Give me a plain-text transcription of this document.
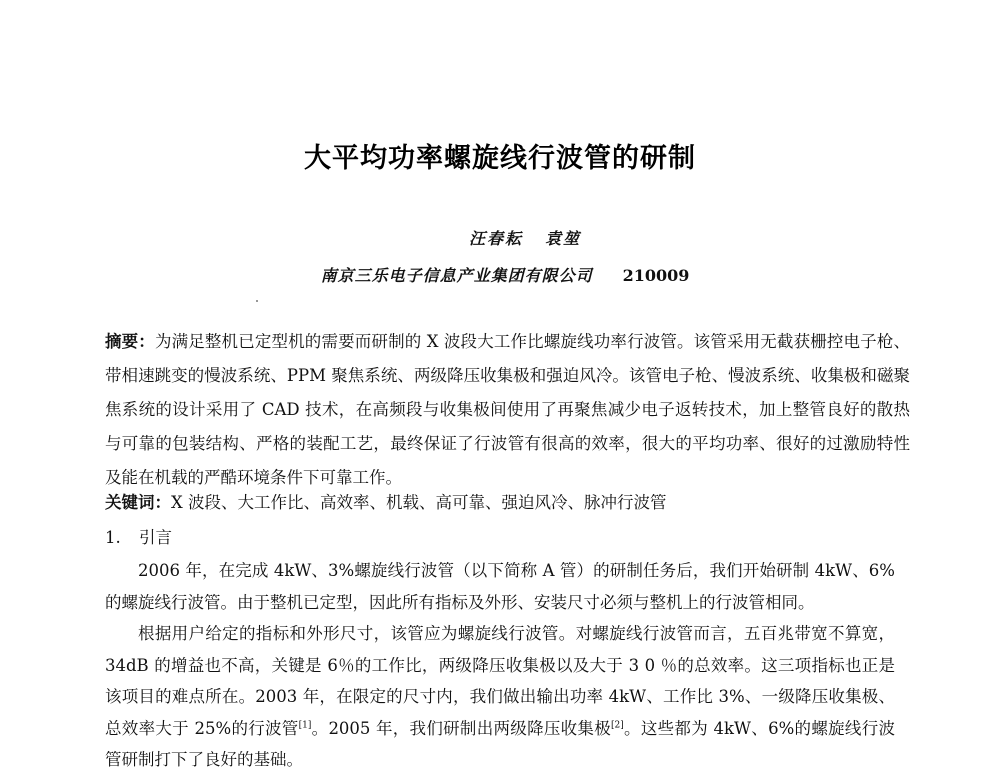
大平均功率螺旋线行波管的研制
汪春耘 袁堃
南京三乐电子信息产业集团有限公司 210009
摘要：为满足整机已定型机的需要而研制的 X 波段大工作比螺旋线功率行波管。该管采用无截获栅控电子枪、带相速跳变的慢波系统、PPM 聚焦系统、两级降压收集极和强迫风冷。该管电子枪、慢波系统、收集极和磁聚焦系统的设计采用了 CAD 技术，在高频段与收集极间使用了再聚焦减少电子返转技术，加上整管良好的散热与可靠的包装结构、严格的装配工艺，最终保证了行波管有很高的效率，很大的平均功率、很好的过激励特性及能在机载的严酷环境条件下可靠工作。
关键词：X 波段、大工作比、高效率、机载、高可靠、强迫风冷、脉冲行波管
1. 引言

2006 年，在完成 4kW、3%螺旋线行波管（以下简称 A 管）的研制任务后，我们开始研制 4kW、6%的螺旋线行波管。由于整机已定型，因此所有指标及外形、安装尺寸必须与整机上的行波管相同。

根据用户给定的指标和外形尺寸，该管应为螺旋线行波管。对螺旋线行波管而言，五百兆带宽不算宽，34dB 的增益也不高，关键是 6％的工作比，两级降压收集极以及大于 3 0 ％的总效率。这三项指标也正是该项目的难点所在。2003 年，在限定的尺寸内，我们做出输出功率 4kW、工作比 3%、一级降压收集极、总效率大于 25%的行波管[1]。2005 年，我们研制出两级降压收集极[2]。这些都为 4kW、6%的螺旋线行波管研制打下了良好的基础。
